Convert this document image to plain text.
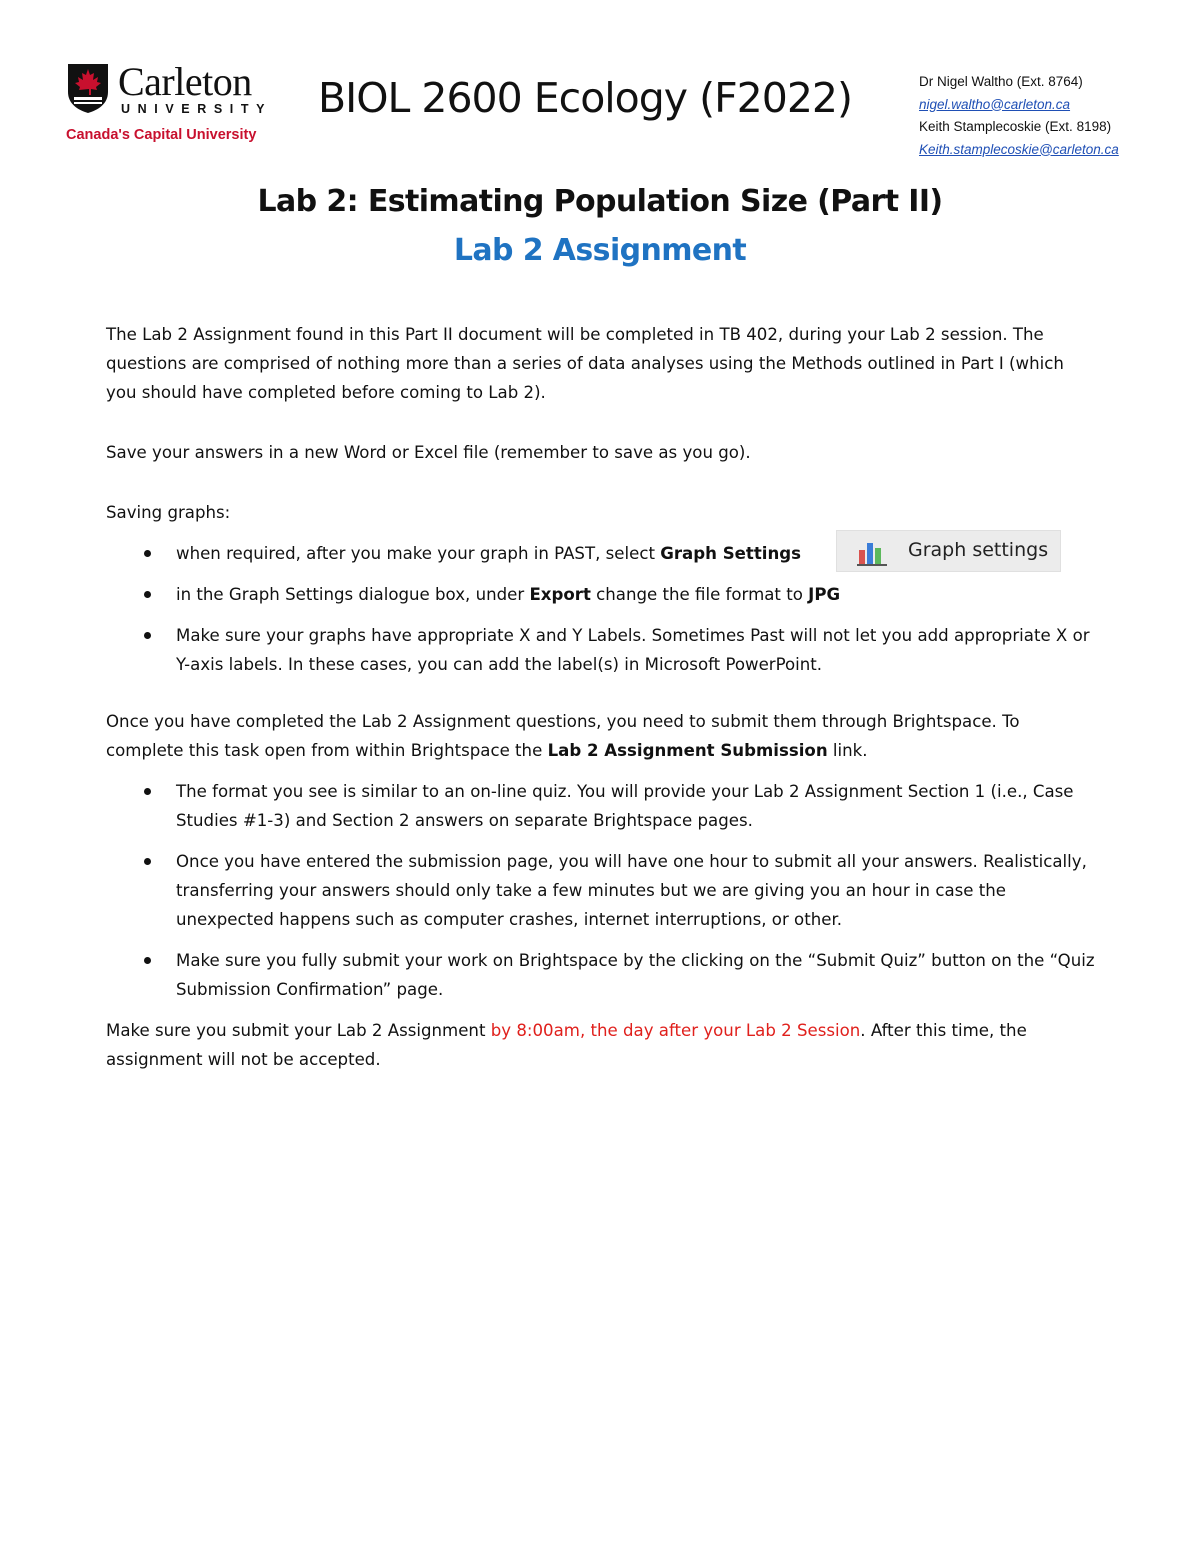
Carleton
UNIVERSITY
Canada's Capital University
BIOL 2600 Ecology (F2022)	Dr Nigel Waltho (Ext. 8764)
nigel.waltho@carleton.ca
Keith Stamplecoskie (Ext. 8198)
Keith.stamplecoskie@carleton.ca
Lab 2: Estimating Population Size (Part II)
Lab 2 Assignment
Graph settings

The Lab 2 Assignment found in this Part II document will be completed in TB 402, during your Lab 2 session. The questions are comprised of nothing more than a series of data analyses using the Methods outlined in Part I (which you should have completed before coming to Lab 2).

Save your answers in a new Word or Excel file (remember to save as you go).

Saving graphs:

when required, after you make your graph in PAST, select Graph Settings
in the Graph Settings dialogue box, under Export change the file format to JPG
Make sure your graphs have appropriate X and Y Labels. Sometimes Past will not let you add appropriate X or Y-axis labels. In these cases, you can add the label(s) in Microsoft PowerPoint.

Once you have completed the Lab 2 Assignment questions, you need to submit them through Brightspace. To complete this task open from within Brightspace the Lab 2 Assignment Submission link.

The format you see is similar to an on-line quiz. You will provide your Lab 2 Assignment Section 1 (i.e., Case Studies #1-3) and Section 2 answers on separate Brightspace pages.
Once you have entered the submission page, you will have one hour to submit all your answers. Realistically, transferring your answers should only take a few minutes but we are giving you an hour in case the unexpected happens such as computer crashes, internet interruptions, or other.
Make sure you fully submit your work on Brightspace by the clicking on the “Submit Quiz” button on the “Quiz Submission Confirmation” page.

Make sure you submit your Lab 2 Assignment by 8:00am, the day after your Lab 2 Session. After this time, the assignment will not be accepted.
